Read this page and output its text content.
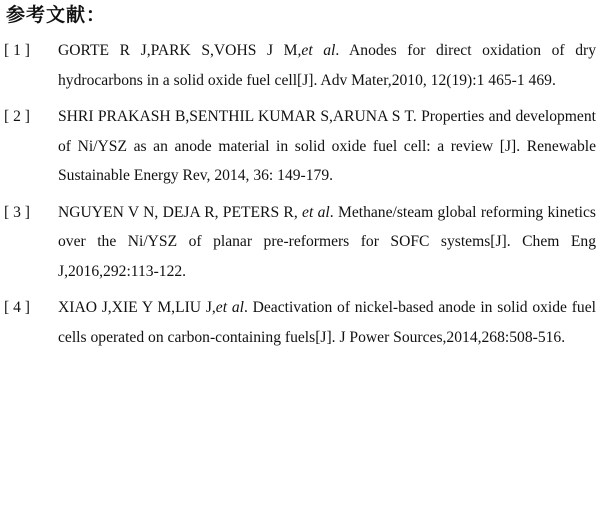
参考文献：
[ 1 ]	GORTE R J,PARK S,VOHS J M,et al. Anodes for direct oxidation of dry hydrocarbons in a solid oxide fuel cell[J]. Adv Mater,2010, 12(19):1 465-1 469.
[ 2 ]	SHRI PRAKASH B,SENTHIL KUMAR S,ARUNA S T. Properties and development of Ni/YSZ as an anode material in solid oxide fuel cell: a review [J]. Renewable Sustainable Energy Rev, 2014, 36: 149-179.
[ 3 ]	NGUYEN V N, DEJA R, PETERS R, et al. Methane/steam global reforming kinetics over the Ni/YSZ of planar pre-reformers for SOFC systems[J]. Chem Eng J,2016,292:113-122.
[ 4 ]	XIAO J,XIE Y M,LIU J,et al. Deactivation of nickel-based anode in solid oxide fuel cells operated on carbon-containing fuels[J]. J Power Sources,2014,268:508-516.
